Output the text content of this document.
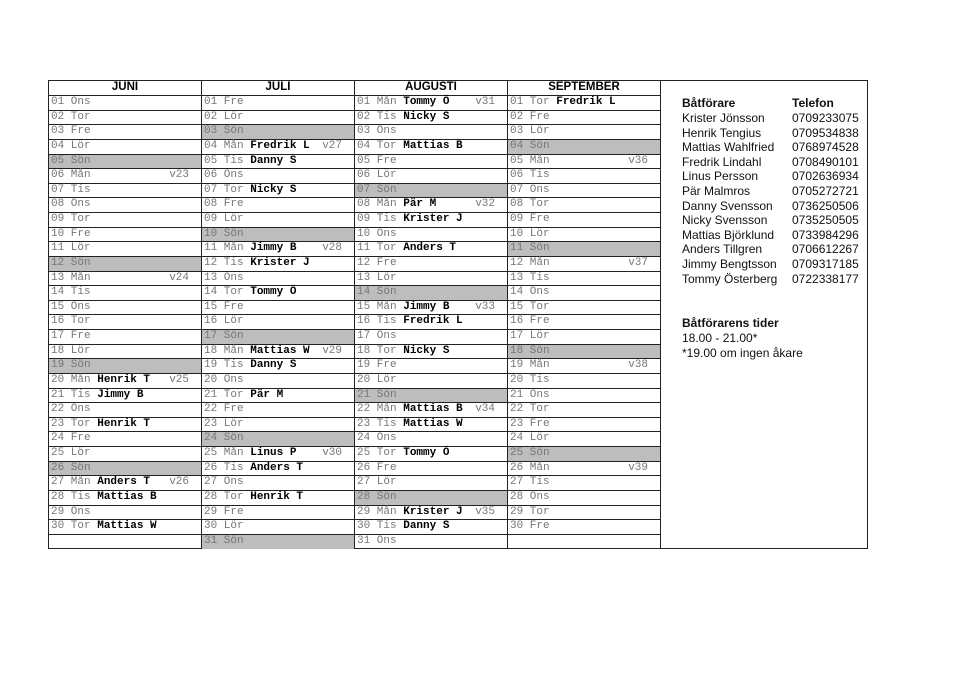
JUNI
01 Ons
02 Tor
03 Fre
04 Lör
05 Sön
06 Mån	v23
07 Tis
08 Ons
09 Tor
10 Fre
11 Lör
12 Sön
13 Mån	v24
14 Tis
15 Ons
16 Tor
17 Fre
18 Lör
19 Sön
20 Mån Henrik T v25
21 Tis Jimmy B
22 Ons
23 Tor Henrik T
24 Fre
25 Lör
26 Sön
27 Mån Anders T v26
28 Tis Mattias B
29 Ons
30 Tor Mattias W
JULI
01 Fre
02 Lör
03 Sön
04 Mån Fredrik L v27
05 Tis Danny S
06 Ons
07 Tor Nicky S
08 Fre
09 Lör
10 Sön
11 Mån Jimmy B v28
12 Tis Krister J
13 Ons
14 Tor Tommy Ö
15 Fre
16 Lör
17 Sön
18 Mån Mattias W v29
19 Tis Danny S
20 Ons
21 Tor Pär M
22 Fre
23 Lör
24 Sön
25 Mån Linus P v30
26 Tis Anders T
27 Ons
28 Tor Henrik T
29 Fre
30 Lör
31 Sön
AUGUSTI
01 Mån Tommy Ö v31
02 Tis Nicky S
03 Ons
04 Tor Mattias B
05 Fre
06 Lör
07 Sön
08 Mån Pär M	v32
09 Tis Krister J
10 Ons
11 Tor Anders T
12 Fre
13 Lör
14 Sön
15 Mån Jimmy B v33
16 Tis Fredrik L
17 Ons
18 Tor Nicky S
19 Fre
20 Lör
21 Sön
22 Mån Mattias B v34
23 Tis Mattias W
24 Ons
25 Tor Tommy Ö
26 Fre
27 Lör
28 Sön
29 Mån Krister J v35
30 Tis Danny S
31 Ons
SEPTEMBER
01 Tor Fredrik L
02 Fre
03 Lör
04 Sön
05 Mån	v36
06 Tis
07 Ons
08 Tor
09 Fre
10 Lör
11 Sön
12 Mån	v37
13 Tis
14 Ons
15 Tor
16 Fre
17 Lör
18 Sön
19 Mån	v38
20 Tis
21 Ons
22 Tor
23 Fre
24 Lör
25 Sön
26 Mån	v39
27 Tis
28 Ons
29 Tor
30 Fre
Båtförare	Telefon
Krister Jönsson 0709233075
Henrik Tengius	0709534838
Mattias Wahlfried 0768974528
Fredrik Lindahl	0708490101
Linus Persson	0702636934
Pär Malmros	0705272721
Danny Svensson 0736250506
Nicky Svensson 0735250505
Mattias Björklund 0733984296
Anders Tillgren 0706612267
Jimmy Bengtsson 0709317185
Tommy Österberg 0722338177
Båtförarens tider
18.00 - 21.00*
*19.00 om ingen åkare
